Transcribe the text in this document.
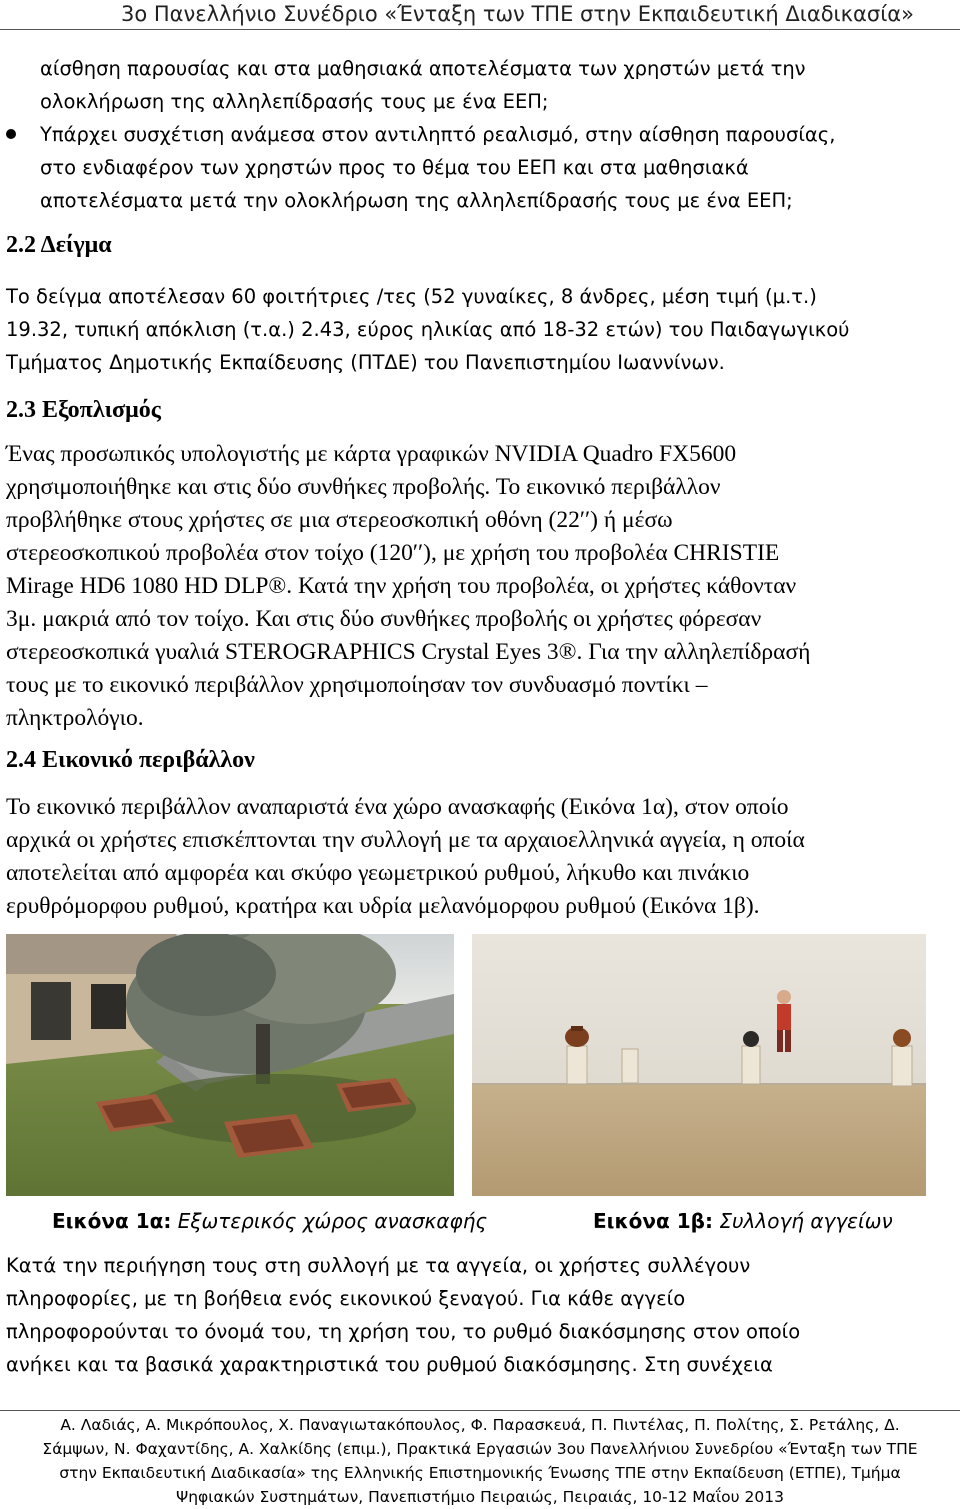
3ο Πανελλήνιο Συνέδριο «Ένταξη των ΤΠΕ στην Εκπαιδευτική Διαδικασία»
αίσθηση παρουσίας και στα μαθησιακά αποτελέσματα των χρηστών μετά την
ολοκλήρωση της αλληλεπίδρασής τους με ένα ΕΕΠ;
Υπάρχει συσχέτιση ανάμεσα στον αντιληπτό ρεαλισμό, στην αίσθηση παρουσίας,
στο ενδιαφέρον των χρηστών προς το θέμα του ΕΕΠ και στα μαθησιακά
αποτελέσματα μετά την ολοκλήρωση της αλληλεπίδρασής τους με ένα ΕΕΠ;
2.2 Δείγμα
Το δείγμα αποτέλεσαν 60 φοιτήτριες /τες (52 γυναίκες, 8 άνδρες, μέση τιμή (μ.τ.)
19.32, τυπική απόκλιση (τ.α.) 2.43, εύρος ηλικίας από 18-32 ετών) του Παιδαγωγικού
Τμήματος Δημοτικής Εκπαίδευσης (ΠΤΔΕ) του Πανεπιστημίου Ιωαννίνων.
2.3 Εξοπλισμός
Ένας προσωπικός υπολογιστής με κάρτα γραφικών NVIDIA Quadro FX5600
χρησιμοποιήθηκε και στις δύο συνθήκες προβολής. Το εικονικό περιβάλλον
προβλήθηκε στους χρήστες σε μια στερεοσκοπική οθόνη (22′′) ή μέσω
στερεοσκοπικού προβολέα στον τοίχο (120′′), με χρήση του προβολέα CHRISTIE
Mirage HD6 1080 HD DLP®. Κατά την χρήση του προβολέα, οι χρήστες κάθονταν
3μ. μακριά από τον τοίχο. Και στις δύο συνθήκες προβολής οι χρήστες φόρεσαν
στερεοσκοπικά γυαλιά STEROGRAPHICS Crystal Eyes 3®. Για την αλληλεπίδρασή
τους με το εικονικό περιβάλλον χρησιμοποίησαν τον συνδυασμό ποντίκι –
πληκτρολόγιο.
2.4 Εικονικό περιβάλλον
Το εικονικό περιβάλλον αναπαριστά ένα χώρο ανασκαφής (Εικόνα 1α), στον οποίο
αρχικά οι χρήστες επισκέπτονται την συλλογή με τα αρχαιοελληνικά αγγεία, η οποία
αποτελείται από αμφορέα και σκύφο γεωμετρικού ρυθμού, λήκυθο και πινάκιο
ερυθρόμορφου ρυθμού, κρατήρα και υδρία μελανόμορφου ρυθμού (Εικόνα 1β).
Εικόνα 1α: Εξωτερικός χώρος ανασκαφής	Εικόνα 1β: Συλλογή αγγείων
Κατά την περιήγηση τους στη συλλογή με τα αγγεία, οι χρήστες συλλέγουν
πληροφορίες, με τη βοήθεια ενός εικονικού ξεναγού. Για κάθε αγγείο
πληροφορούνται το όνομά του, τη χρήση του, το ρυθμό διακόσμησης στον οποίο
ανήκει και τα βασικά χαρακτηριστικά του ρυθμού διακόσμησης. Στη συνέχεια
Α. Λαδιάς, Α. Μικρόπουλος, Χ. Παναγιωτακόπουλος, Φ. Παρασκευά, Π. Πιντέλας, Π. Πολίτης, Σ. Ρετάλης, Δ.
Σάμψων, Ν. Φαχαντίδης, Α. Χαλκίδης (επιμ.), Πρακτικά Εργασιών 3ου Πανελλήνιου Συνεδρίου «Ένταξη των ΤΠΕ
στην Εκπαιδευτική Διαδικασία» της Ελληνικής Επιστημονικής Ένωσης ΤΠΕ στην Εκπαίδευση (ΕΤΠΕ), Τμήμα
Ψηφιακών Συστημάτων, Πανεπιστήμιο Πειραιώς, Πειραιάς, 10-12 Μαΐου 2013
